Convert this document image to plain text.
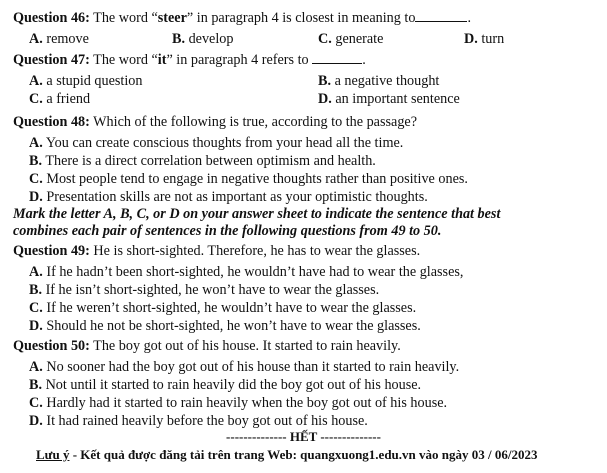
Question 46: The word “steer” in paragraph 4 is closest in meaning to	.
A. remove	B. develop	C. generate	D. turn
Question 47: The word “it” in paragraph 4 refers to	.
A. a stupid question	B. a negative thought
C. a friend	D. an important sentence
Question 48: Which of the following is true, according to the passage?
A. You can create conscious thoughts from your head all the time.
B. There is a direct correlation between optimism and health.
C. Most people tend to engage in negative thoughts rather than positive ones.
D. Presentation skills are not as important as your optimistic thoughts.
Mark the letter A, B, C, or D on your answer sheet to indicate the sentence that best
combines each pair of sentences in the following questions from 49 to 50.
Question 49: He is short-sighted. Therefore, he has to wear the glasses.
A. If he hadn’t been short-sighted, he wouldn’t have had to wear the glasses,
B. If he isn’t short-sighted, he won’t have to wear the glasses.
C. If he weren’t short-sighted, he wouldn’t have to wear the glasses.
D. Should he not be short-sighted, he won’t have to wear the glasses.
Question 50: The boy got out of his house. It started to rain heavily.
A. No sooner had the boy got out of his house than it started to rain heavily.
B. Not until it started to rain heavily did the boy got out of his house.
C. Hardly had it started to rain heavily when the boy got out of his house.
D. It had rained heavily before the boy got out of his house.
-------------- HẾT --------------
Lưu ý - Kết quả được đăng tải trên trang Web: quangxuong1.edu.vn vào ngày 03 / 06/2023
